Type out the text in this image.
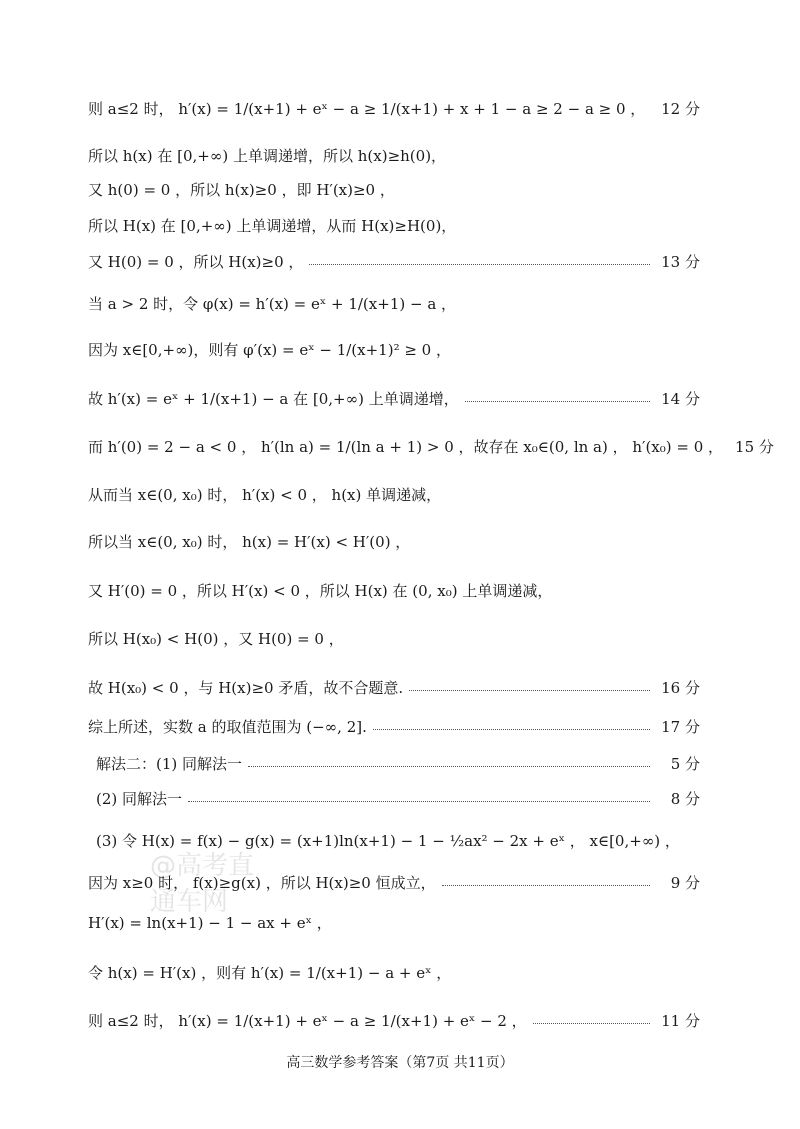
@高考直
通车网
则 a≤2 时， h′(x) = 1/(x+1) + eˣ − a ≥ 1/(x+1) + x + 1 − a ≥ 2 − a ≥ 0 ， 12 分
所以 h(x) 在 [0,+∞) 上单调递增，所以 h(x)≥h(0)，
又 h(0) = 0 ，所以 h(x)≥0 ，即 H′(x)≥0 ，
所以 H(x) 在 [0,+∞) 上单调递增，从而 H(x)≥H(0)，
又 H(0) = 0 ，所以 H(x)≥0 ，	13 分
当 a > 2 时，令 φ(x) = h′(x) = eˣ + 1/(x+1) − a ，
因为 x∈[0,+∞)，则有 φ′(x) = eˣ − 1/(x+1)² ≥ 0 ，
故 h′(x) = eˣ + 1/(x+1) − a 在 [0,+∞) 上单调递增，	14 分
而 h′(0) = 2 − a < 0 ， h′(ln a) = 1/(ln a + 1) > 0 ，故存在 x₀∈(0, ln a) ， h′(x₀) = 0 ， 15 分
从而当 x∈(0, x₀) 时， h′(x) < 0 ， h(x) 单调递减，
所以当 x∈(0, x₀) 时， h(x) = H′(x) < H′(0) ，
又 H′(0) = 0 ，所以 H′(x) < 0 ，所以 H(x) 在 (0, x₀) 上单调递减，
所以 H(x₀) < H(0) ，又 H(0) = 0 ，
故 H(x₀) < 0 ，与 H(x)≥0 矛盾，故不合题意.	16 分
综上所述，实数 a 的取值范围为 (−∞, 2].	17 分
解法二：(1) 同解法一	5 分
(2) 同解法一	8 分
(3) 令 H(x) = f(x) − g(x) = (x+1)ln(x+1) − 1 − ½ax² − 2x + eˣ ， x∈[0,+∞) ，
因为 x≥0 时， f(x)≥g(x) ，所以 H(x)≥0 恒成立，	9 分
H′(x) = ln(x+1) − 1 − ax + eˣ ，
令 h(x) = H′(x) ，则有 h′(x) = 1/(x+1) − a + eˣ ，
则 a≤2 时， h′(x) = 1/(x+1) + eˣ − a ≥ 1/(x+1) + eˣ − 2 ，	11 分
高三数学参考答案（第7页 共11页）
